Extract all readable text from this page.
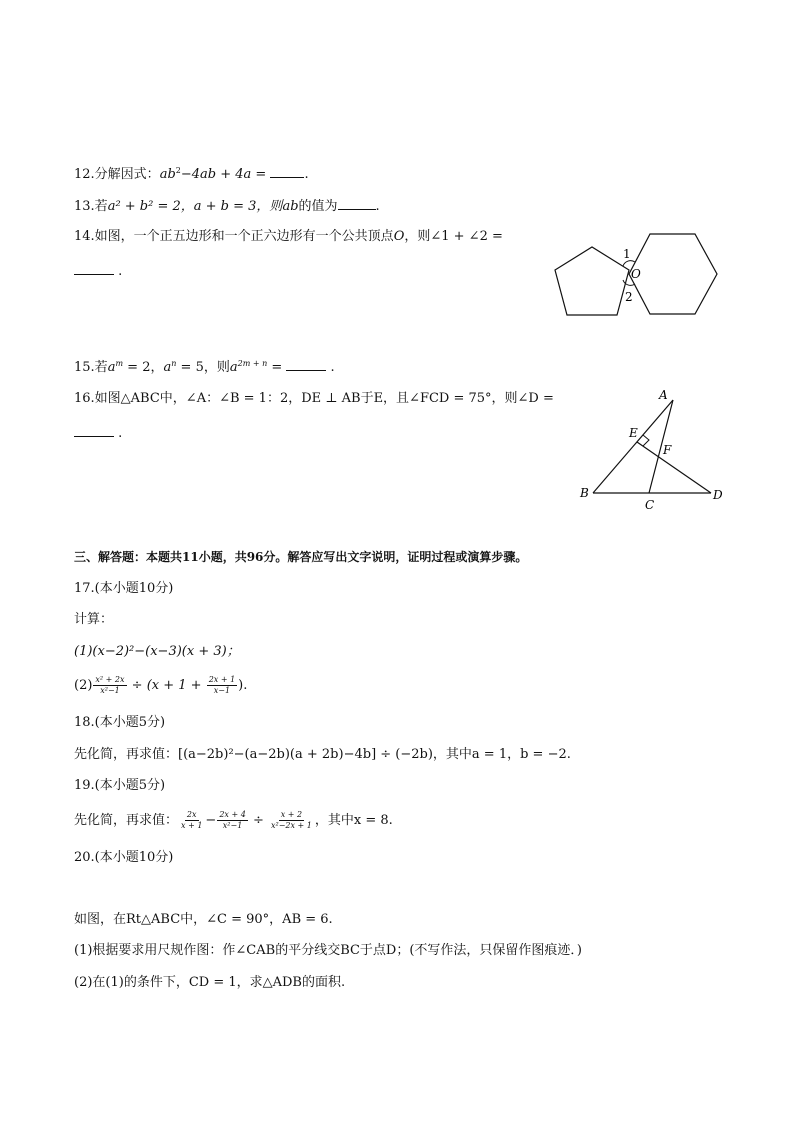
12.分解因式：$ab^2-4ab + 4a$ =	.
13.若a² + b² = 2，a + b = 3，则ab的值为	.
14.如图，一个正五边形和一个正六边形有一个公共顶点O，则∠1 + ∠2 =
.
1
O
2
15.若$a^m = 2$，$a^n = 5$，则$a^{2m + n}$ =	.
16.如图△ABC中，∠A：∠B = 1：2，DE ⊥ AB于E，且∠FCD = 75°，则∠D =
.
A
E
F
B
C
D
三、解答题：本题共11小题，共96分。解答应写出文字说明，证明过程或演算步骤。
17.(本小题10分)
计算：
(1)(x−2)²−(x−3)(x + 3)；
$(2) \frac{\text{x² + 2x}}{\text{x²−1}} \div (x + 1 + \frac{2x + 1}{x-1}$ ).
18.(本小题5分)
先化简，再求值：[(a−2b)²−(a−2b)(a + 2b)−4b] ÷ (−2b)，其中a = 1，b = −2.
19.(本小题5分)
先化简，再求值： $\frac{2x}{x + 1} - \frac{2x + 4}{\text{x²−1}} \div \frac{x + 2}{\text{x²−2x + 1}}$ ，其中x = 8.
20.(本小题10分)
如图，在Rt△ABC中，∠C = 90°，AB = 6.
(1)根据要求用尺规作图：作∠CAB的平分线交BC于点D；(不写作法，只保留作图痕迹．)
(2)在(1)的条件下，CD = 1，求△ADB的面积.
